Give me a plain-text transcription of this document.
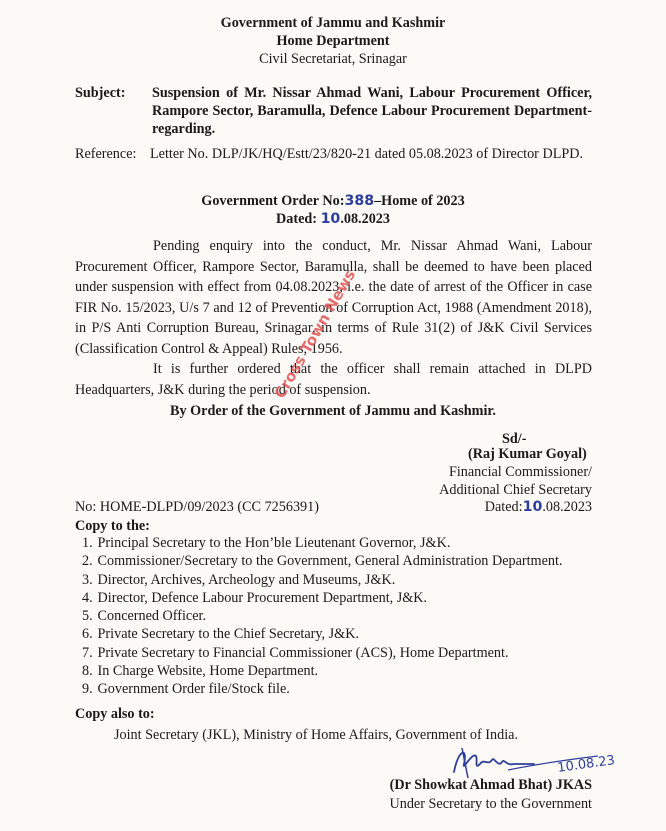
Government of Jammu and Kashmir
Home Department
Civil Secretariat, Srinagar
Subject: Suspension of Mr. Nissar Ahmad Wani, Labour Procurement Officer, Rampore Sector, Baramulla, Defence Labour Procurement Department- regarding.
Reference: Letter No. DLP/JK/HQ/Estt/23/820-21 dated 05.08.2023 of Director DLPD.
Government Order No:388–Home of 2023
Dated: 10.08.2023
Pending enquiry into the conduct, Mr. Nissar Ahmad Wani, Labour Procurement Officer, Rampore Sector, Baramulla, shall be deemed to have been placed under suspension with effect from 04.08.2023, i.e. the date of arrest of the Officer in case FIR No. 15/2023, U/s 7 and 12 of Prevention of Corruption Act, 1988 (Amendment 2018), in P/S Anti Corruption Bureau, Srinagar, in terms of Rule 31(2) of J&K Civil Services (Classification Control & Appeal) Rules, 1956.
It is further ordered that the officer shall remain attached in DLPD Headquarters, J&K during the period of suspension.
By Order of the Government of Jammu and Kashmir.
Sd/-
(Raj Kumar Goyal)
Financial Commissioner/
Additional Chief Secretary
No: HOME-DLPD/09/2023 (CC 7256391)	Dated:10.08.2023
Copy to the:
1. Principal Secretary to the Hon’ble Lieutenant Governor, J&K.
2. Commissioner/Secretary to the Government, General Administration Department.
3. Director, Archives, Archeology and Museums, J&K.
4. Director, Defence Labour Procurement Department, J&K.
5. Concerned Officer.
6. Private Secretary to the Chief Secretary, J&K.
7. Private Secretary to Financial Commissioner (ACS), Home Department.
8. In Charge Website, Home Department.
9. Government Order file/Stock file.
Copy also to:
Joint Secretary (JKL), Ministry of Home Affairs, Government of India.
10.08.23
(Dr Showkat Ahmad Bhat) JKAS
Under Secretary to the Government
Cross Town News
